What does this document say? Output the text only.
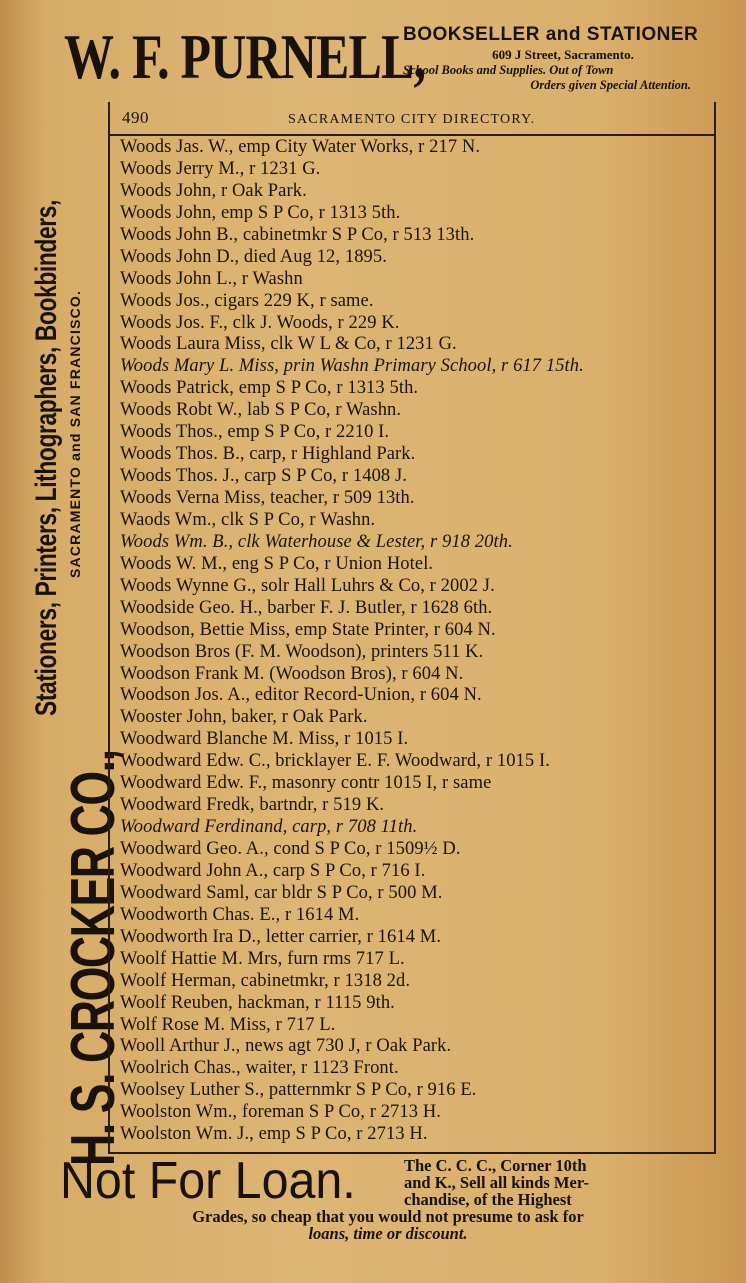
W. F. PURNELL,
BOOKSELLER and STATIONER
609 J Street, Sacramento.
School Books and Supplies. Out of Town
Orders given Special Attention.
H. S. CROCKER CO.,
Stationers, Printers, Lithographers, Bookbinders, SACRAMENTO and SAN FRANCISCO.
490	SACRAMENTO CITY DIRECTORY.
Woods Jas. W., emp City Water Works, r 217 N.
Woods Jerry M., r 1231 G.
Woods John, r Oak Park.
Woods John, emp S P Co, r 1313 5th.
Woods John B., cabinetmkr S P Co, r 513 13th.
Woods John D., died Aug 12, 1895.
Woods John L., r Washn
Woods Jos., cigars 229 K, r same.
Woods Jos. F., clk J. Woods, r 229 K.
Woods Laura Miss, clk W L & Co, r 1231 G.
Woods Mary L. Miss, prin Washn Primary School, r 617 15th.
Woods Patrick, emp S P Co, r 1313 5th.
Woods Robt W., lab S P Co, r Washn.
Woods Thos., emp S P Co, r 2210 I.
Woods Thos. B., carp, r Highland Park.
Woods Thos. J., carp S P Co, r 1408 J.
Woods Verna Miss, teacher, r 509 13th.
Waods Wm., clk S P Co, r Washn.
Woods Wm. B., clk Waterhouse & Lester, r 918 20th.
Woods W. M., eng S P Co, r Union Hotel.
Woods Wynne G., solr Hall Luhrs & Co, r 2002 J.
Woodside Geo. H., barber F. J. Butler, r 1628 6th.
Woodson, Bettie Miss, emp State Printer, r 604 N.
Woodson Bros (F. M. Woodson), printers 511 K.
Woodson Frank M. (Woodson Bros), r 604 N.
Woodson Jos. A., editor Record-Union, r 604 N.
Wooster John, baker, r Oak Park.
Woodward Blanche M. Miss, r 1015 I.
Woodward Edw. C., bricklayer E. F. Woodward, r 1015 I.
Woodward Edw. F., masonry contr 1015 I, r same
Woodward Fredk, bartndr, r 519 K.
Woodward Ferdinand, carp, r 708 11th.
Woodward Geo. A., cond S P Co, r 1509½ D.
Woodward John A., carp S P Co, r 716 I.
Woodward Saml, car bldr S P Co, r 500 M.
Woodworth Chas. E., r 1614 M.
Woodworth Ira D., letter carrier, r 1614 M.
Woolf Hattie M. Mrs, furn rms 717 L.
Woolf Herman, cabinetmkr, r 1318 2d.
Woolf Reuben, hackman, r 1115 9th.
Wolf Rose M. Miss, r 717 L.
Wooll Arthur J., news agt 730 J, r Oak Park.
Woolrich Chas., waiter, r 1123 Front.
Woolsey Luther S., patternmkr S P Co, r 916 E.
Woolston Wm., foreman S P Co, r 2713 H.
Woolston Wm. J., emp S P Co, r 2713 H.
Not For Loan.	The C. C. C., Corner 10th
and K., Sell all kinds Mer-
chandise, of the Highest
Grades, so cheap that you would not presume to ask for
loans, time or discount.
